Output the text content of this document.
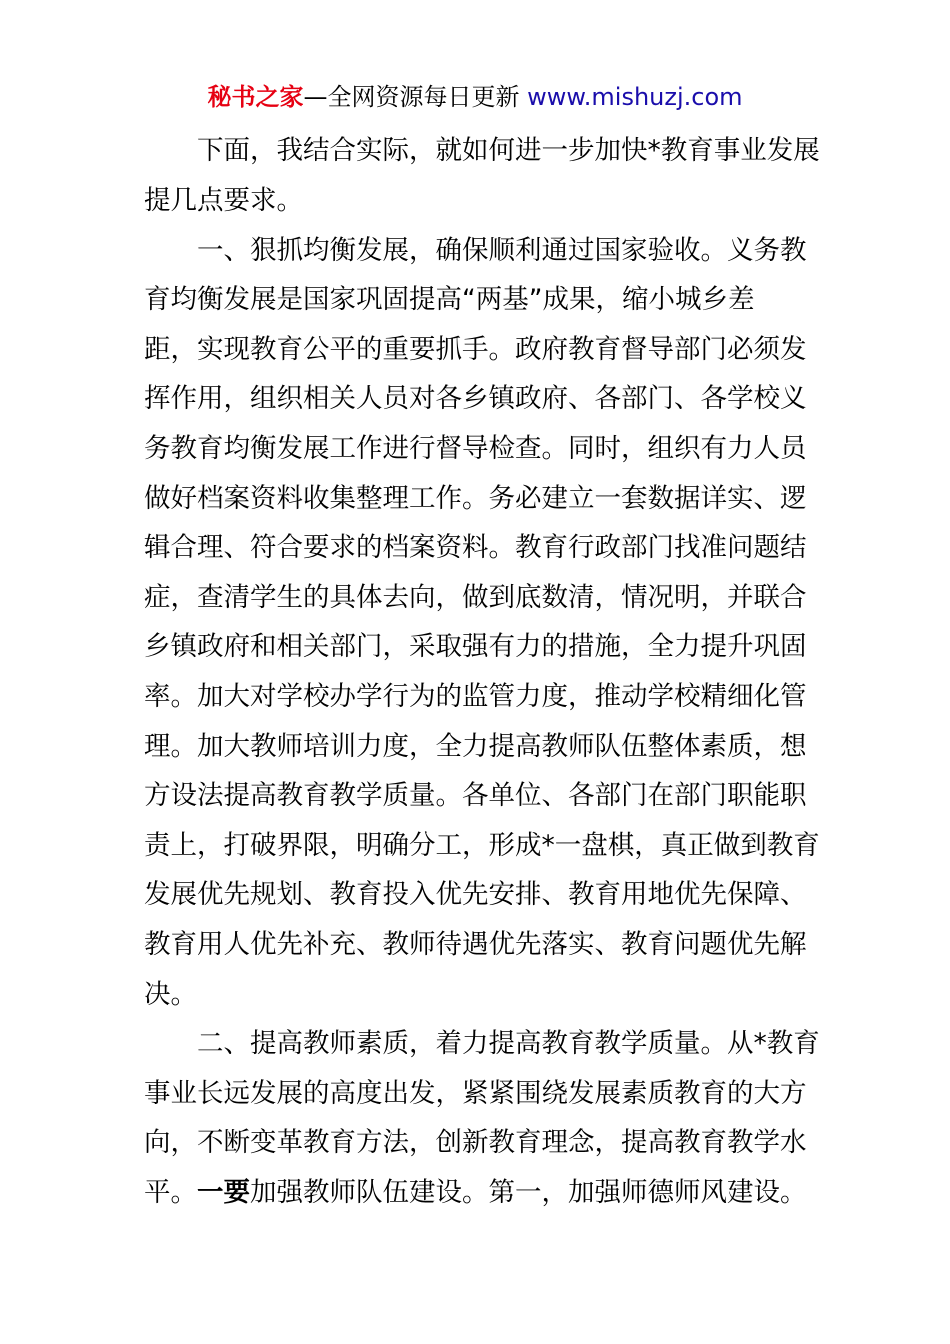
秘书之家—全网资源每日更新 www.mishuzj.com

下面，我结合实际，就如何进一步加快*教育事业发展
提几点要求。

一、狠抓均衡发展，确保顺利通过国家验收。义务教
育均衡发展是国家巩固提高“两基”成果，缩小城乡差
距，实现教育公平的重要抓手。政府教育督导部门必须发
挥作用，组织相关人员对各乡镇政府、各部门、各学校义
务教育均衡发展工作进行督导检查。同时，组织有力人员
做好档案资料收集整理工作。务必建立一套数据详实、逻
辑合理、符合要求的档案资料。教育行政部门找准问题结
症，查清学生的具体去向，做到底数清，情况明，并联合
乡镇政府和相关部门，采取强有力的措施，全力提升巩固
率。加大对学校办学行为的监管力度，推动学校精细化管
理。加大教师培训力度，全力提高教师队伍整体素质，想
方设法提高教育教学质量。各单位、各部门在部门职能职
责上，打破界限，明确分工，形成*一盘棋，真正做到教育
发展优先规划、教育投入优先安排、教育用地优先保障、
教育用人优先补充、教师待遇优先落实、教育问题优先解
决。

二、提高教师素质，着力提高教育教学质量。从*教育
事业长远发展的高度出发，紧紧围绕发展素质教育的大方
向，不断变革教育方法，创新教育理念，提高教育教学水
平。一要加强教师队伍建设。第一，加强师德师风建设。
